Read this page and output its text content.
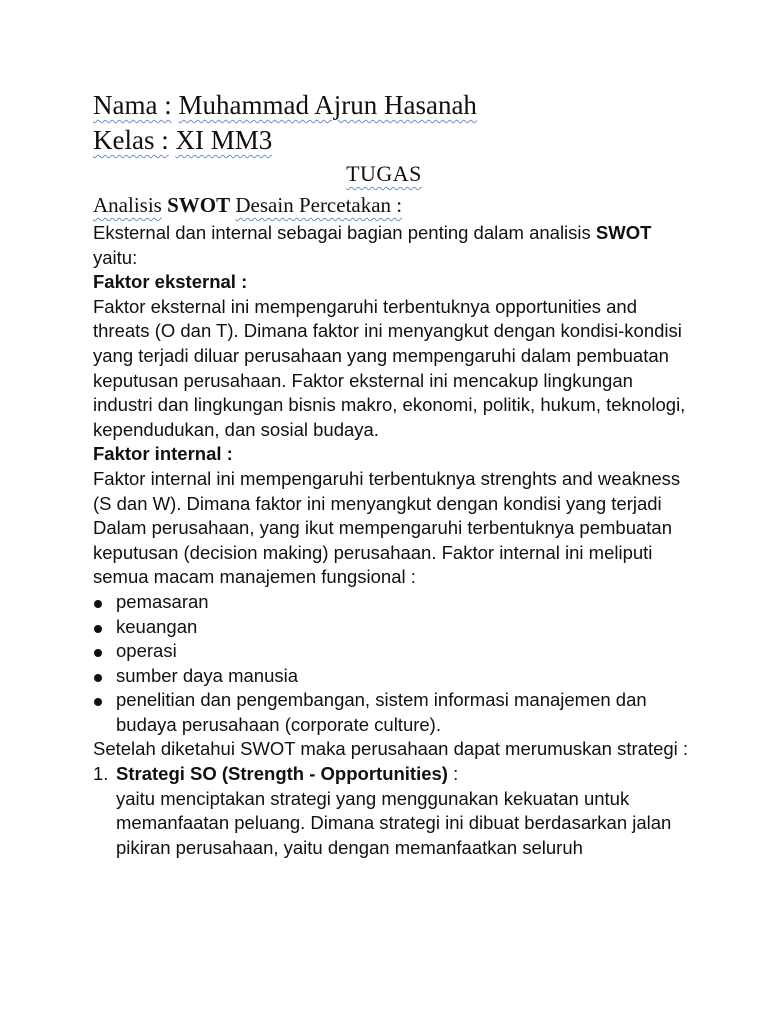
Nama : Muhammad Ajrun Hasanah
Kelas : XI MM3
TUGAS
Analisis SWOT Desain Percetakan :

Eksternal dan internal sebagai bagian penting dalam analisis SWOT yaitu:

Faktor eksternal :

Faktor eksternal ini mempengaruhi terbentuknya opportunities and threats (O dan T). Dimana faktor ini menyangkut dengan kondisi-kondisi yang terjadi diluar perusahaan yang mempengaruhi dalam pembuatan keputusan perusahaan. Faktor eksternal ini mencakup lingkungan industri dan lingkungan bisnis makro, ekonomi, politik, hukum, teknologi, kependudukan, dan sosial budaya.

Faktor internal :

Faktor internal ini mempengaruhi terbentuknya strenghts and weakness (S dan W). Dimana faktor ini menyangkut dengan kondisi yang terjadi Dalam perusahaan, yang ikut mempengaruhi terbentuknya pembuatan keputusan (decision making) perusahaan. Faktor internal ini meliputi semua macam manajemen fungsional :

pemasaran
keuangan
operasi
sumber daya manusia
penelitian dan pengembangan, sistem informasi manajemen dan budaya perusahaan (corporate culture).

Setelah diketahui SWOT maka perusahaan dapat merumuskan strategi :

1. Strategi SO (Strength - Opportunities) :
yaitu menciptakan strategi yang menggunakan kekuatan untuk memanfaatan peluang. Dimana strategi ini dibuat berdasarkan jalan pikiran perusahaan, yaitu dengan memanfaatkan seluruh
